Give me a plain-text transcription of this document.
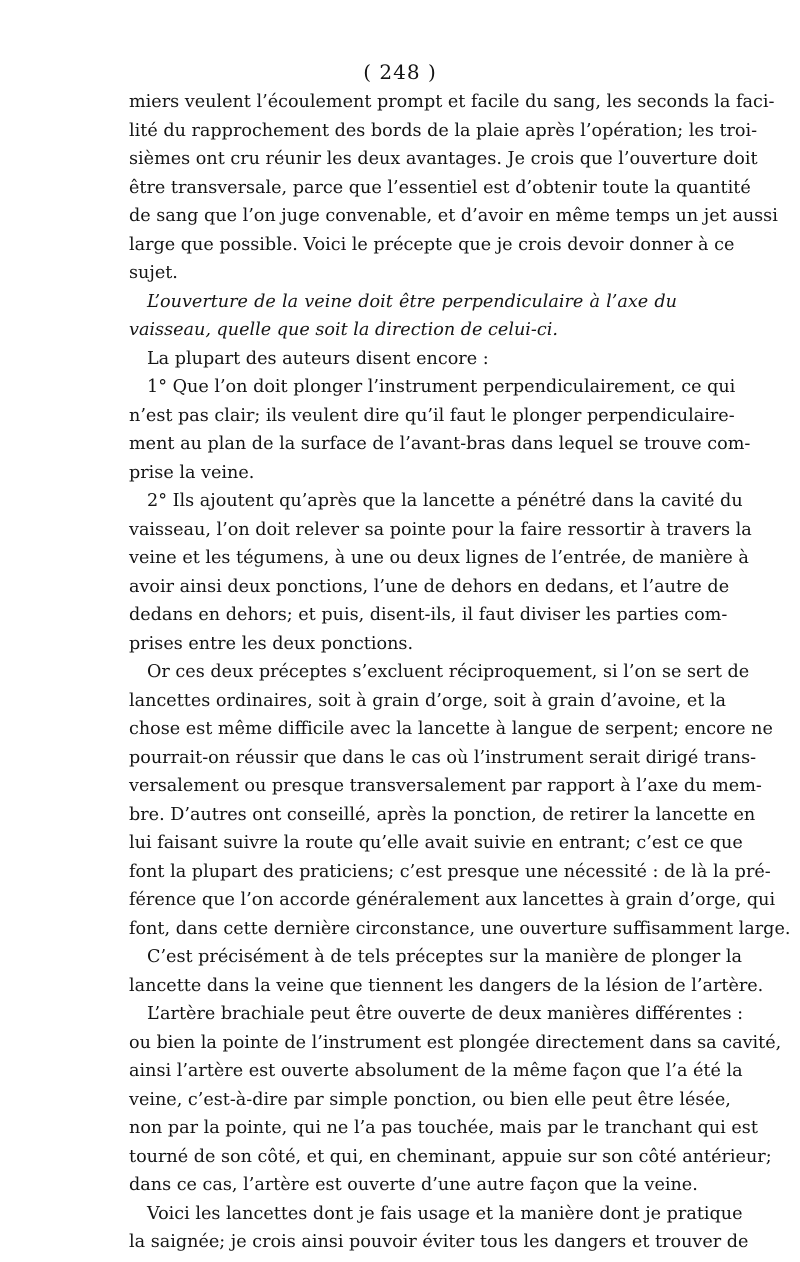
( 248 )
miers veulent l’écoulement prompt et facile du sang, les seconds la faci-
lité du rapprochement des bords de la plaie après l’opération; les troi-
sièmes ont cru réunir les deux avantages. Je crois que l’ouverture doit
être transversale, parce que l’essentiel est d’obtenir toute la quantité
de sang que l’on juge convenable, et d’avoir en même temps un jet aussi
large que possible. Voici le précepte que je crois devoir donner à ce
sujet.
L’ouverture de la veine doit être perpendiculaire à l’axe du
vaisseau, quelle que soit la direction de celui-ci.
La plupart des auteurs disent encore :
1° Que l’on doit plonger l’instrument perpendiculairement, ce qui
n’est pas clair; ils veulent dire qu’il faut le plonger perpendiculaire-
ment au plan de la surface de l’avant-bras dans lequel se trouve com-
prise la veine.
2° Ils ajoutent qu’après que la lancette a pénétré dans la cavité du
vaisseau, l’on doit relever sa pointe pour la faire ressortir à travers la
veine et les tégumens, à une ou deux lignes de l’entrée, de manière à
avoir ainsi deux ponctions, l’une de dehors en dedans, et l’autre de
dedans en dehors; et puis, disent-ils, il faut diviser les parties com-
prises entre les deux ponctions.
Or ces deux préceptes s’excluent réciproquement, si l’on se sert de
lancettes ordinaires, soit à grain d’orge, soit à grain d’avoine, et la
chose est même difficile avec la lancette à langue de serpent; encore ne
pourrait-on réussir que dans le cas où l’instrument serait dirigé trans-
versalement ou presque transversalement par rapport à l’axe du mem-
bre. D’autres ont conseillé, après la ponction, de retirer la lancette en
lui faisant suivre la route qu’elle avait suivie en entrant; c’est ce que
font la plupart des praticiens; c’est presque une nécessité : de là la pré-
férence que l’on accorde généralement aux lancettes à grain d’orge, qui
font, dans cette dernière circonstance, une ouverture suffisamment large.
C’est précisément à de tels préceptes sur la manière de plonger la
lancette dans la veine que tiennent les dangers de la lésion de l’artère.
L’artère brachiale peut être ouverte de deux manières différentes :
ou bien la pointe de l’instrument est plongée directement dans sa cavité,
ainsi l’artère est ouverte absolument de la même façon que l’a été la
veine, c’est-à-dire par simple ponction, ou bien elle peut être lésée,
non par la pointe, qui ne l’a pas touchée, mais par le tranchant qui est
tourné de son côté, et qui, en cheminant, appuie sur son côté antérieur;
dans ce cas, l’artère est ouverte d’une autre façon que la veine.
Voici les lancettes dont je fais usage et la manière dont je pratique
la saignée; je crois ainsi pouvoir éviter tous les dangers et trouver de
